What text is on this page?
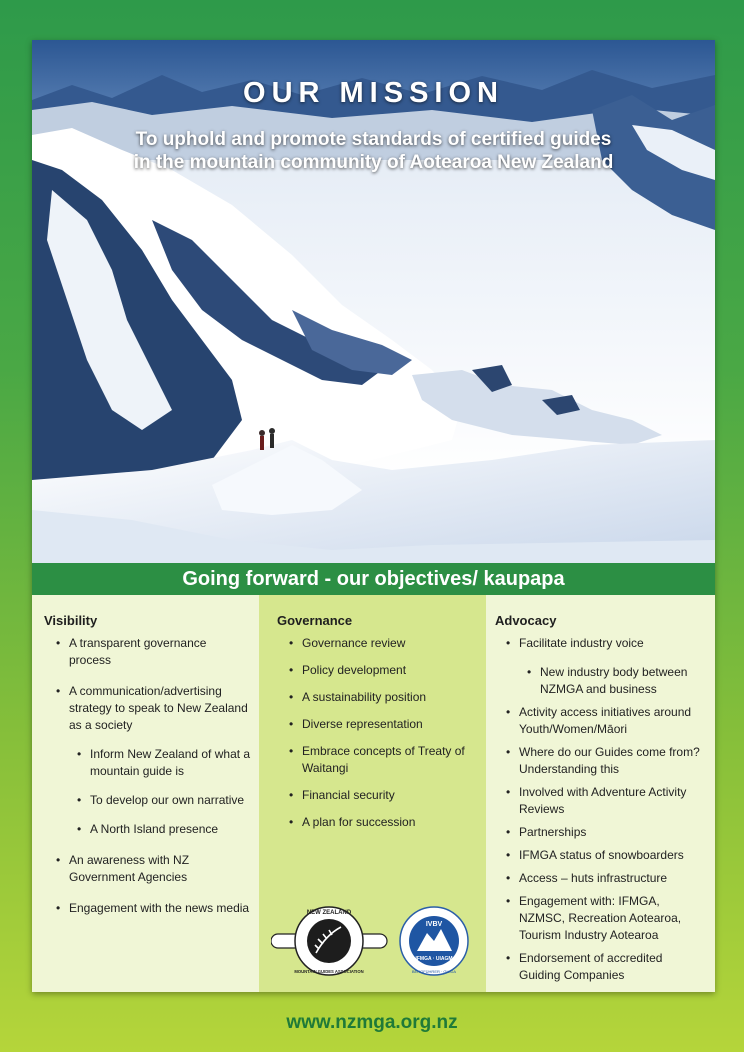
OUR MISSION
To uphold and promote standards of certified guides
in the mountain community of Aotearoa New Zealand
Going forward - our objectives/ kaupapa
Visibility
• A transparent governance process
• A communication/advertising strategy to speak to New Zealand as a society
• Inform New Zealand of what a mountain guide is
• To develop our own narrative
• A North Island presence
• An awareness with NZ Government Agencies
• Engagement with the news media
Governance
• Governance review
• Policy development
• A sustainability position
• Diverse representation
• Embrace concepts of Treaty of Waitangi
• Financial security
• A plan for succession
NEW ZEALAND
MOUNTAIN GUIDES ASSOCIATION
IVBV
IFMGA · UIAGM
BERGFÜHRER · GUIDA
Advocacy
• Facilitate industry voice
• New industry body between NZMGA and business
• Activity access initiatives around Youth/Women/Māori
• Where do our Guides come from? Understanding this
• Involved with Adventure Activity Reviews
• Partnerships
• IFMGA status of snowboarders
• Access – huts infrastructure
• Engagement with: IFMGA, NZMSC, Recreation Aotearoa, Tourism Industry Aotearoa
• Endorsement of accredited Guiding Companies
www.nzmga.org.nz
